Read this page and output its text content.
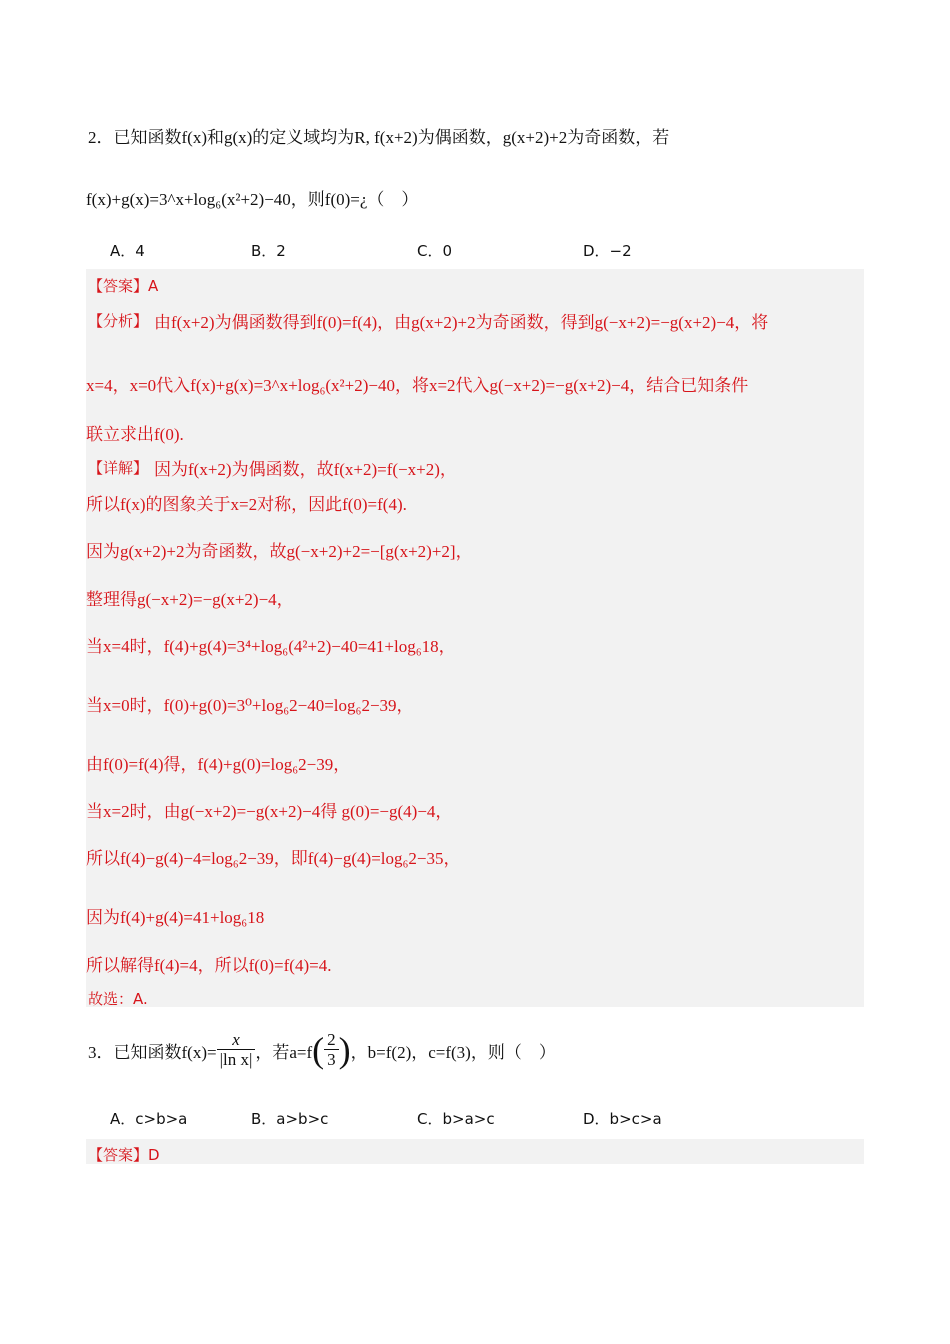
2．已知函数f(x)和g(x)的定义域均为R, f(x+2)为偶函数，g(x+2)+2为奇函数，若
f(x)+g(x)=3^x+log₆(x²+2)−40，则f(0)=¿（　）
A．4	B．2	C．0	D．−2
【答案】A
【分析】 由f(x+2)为偶函数得到f(0)=f(4)，由g(x+2)+2为奇函数，得到g(−x+2)=−g(x+2)−4，将
x=4，x=0代入f(x)+g(x)=3^x+log₆(x²+2)−40，将x=2代入g(−x+2)=−g(x+2)−4，结合已知条件
联立求出f(0).
【详解】 因为f(x+2)为偶函数，故f(x+2)=f(−x+2)，
所以f(x)的图象关于x=2对称，因此f(0)=f(4).
因为g(x+2)+2为奇函数，故g(−x+2)+2=−[g(x+2)+2]，
整理得g(−x+2)=−g(x+2)−4，
当x=4时，f(4)+g(4)=3⁴+log₆(4²+2)−40=41+log₆18，
当x=0时，f(0)+g(0)=3⁰+log₆2−40=log₆2−39，
由f(0)=f(4)得，f(4)+g(0)=log₆2−39，
当x=2时，由g(−x+2)=−g(x+2)−4得 g(0)=−g(4)−4，
所以f(4)−g(4)−4=log₆2−39，即f(4)−g(4)=log₆2−35，
因为f(4)+g(4)=41+log₆18
所以解得f(4)=4，所以f(0)=f(4)=4.
故选：A.
3．已知函数$f(x)= \frac{x}{\text{|ln x|}}$ ，若a=f ( $\frac{2}{3}$ ) ，b=f(2)，c=f(3)，则（　）
A．c>b>a	B．a>b>c	C．b>a>c	D．b>c>a
【答案】D
